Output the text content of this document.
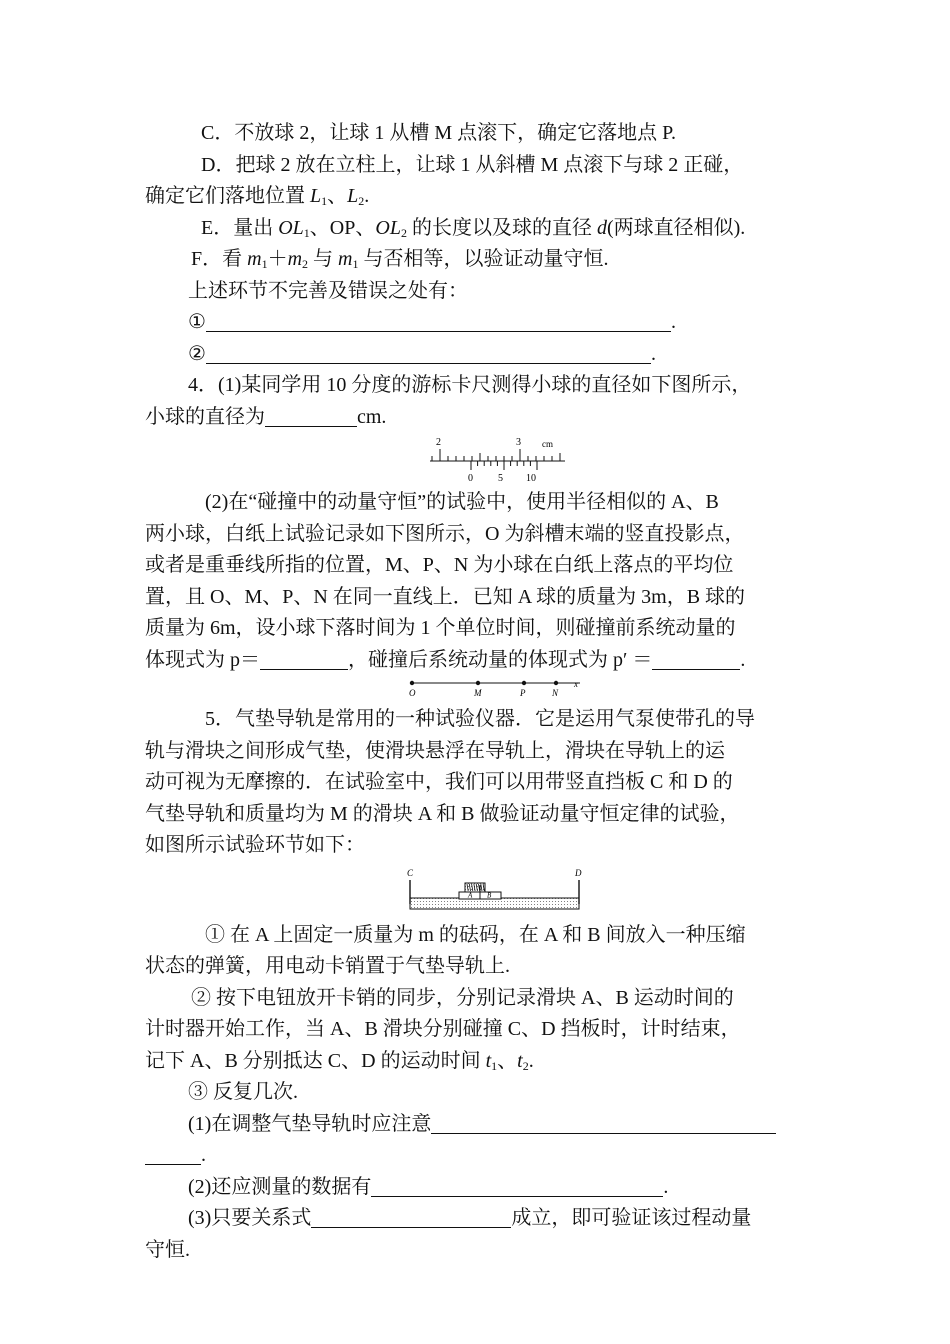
C．不放球 2，让球 1 从槽 M 点滚下，确定它落地点 P.

D．把球 2 放在立柱上，让球 1 从斜槽 M 点滚下与球 2 正碰，

确定它们落地位置 $L_1$、$L_2$.

E．量出 $OL_1$、OP、$OL_2$ 的长度以及球的直径 d(两球直径相似).

F．看 $m_1+m_2$ 与 $m_1$ 与否相等，以验证动量守恒.

上述环节不完善及错误之处有：

①	.

②	.

4．(1)某同学用 10 分度的游标卡尺测得小球的直径如下图所示，

小球的直径为	cm.

2	3 cm
0	5 10

(2)在“碰撞中的动量守恒”的试验中，使用半径相似的 A、B

两小球，白纸上试验记录如下图所示，O 为斜槽末端的竖直投影点，

或者是重垂线所指的位置，M、P、N 为小球在白纸上落点的平均位

置，且 O、M、P、N 在同一直线上．已知 A 球的质量为 3m，B 球的

质量为 6m，设小球下落时间为 1 个单位时间，则碰撞前系统动量的

体现式为 p＝	，碰撞后系统动量的体现式为 p′ ＝	.

O	M	P	N
x

5．气垫导轨是常用的一种试验仪器．它是运用气泵使带孔的导

轨与滑块之间形成气垫，使滑块悬浮在导轨上，滑块在导轨上的运

动可视为无摩擦的．在试验室中，我们可以用带竖直挡板 C 和 D 的

气垫导轨和质量均为 M 的滑块 A 和 B 做验证动量守恒定律的试验，

如图所示试验环节如下：

C	D
A B

① 在 A 上固定一质量为 m 的砝码，在 A 和 B 间放入一种压缩

状态的弹簧，用电动卡销置于气垫导轨上.

② 按下电钮放开卡销的同步，分别记录滑块 A、B 运动时间的

计时器开始工作，当 A、B 滑块分别碰撞 C、D 挡板时，计时结束，

记下 A、B 分别抵达 C、D 的运动时间 $t_1$、$t_2$.

③ 反复几次.

(1)在调整气垫导轨时应注意

.

(2)还应测量的数据有	.

(3)只要关系式	成立，即可验证该过程动量

守恒.
